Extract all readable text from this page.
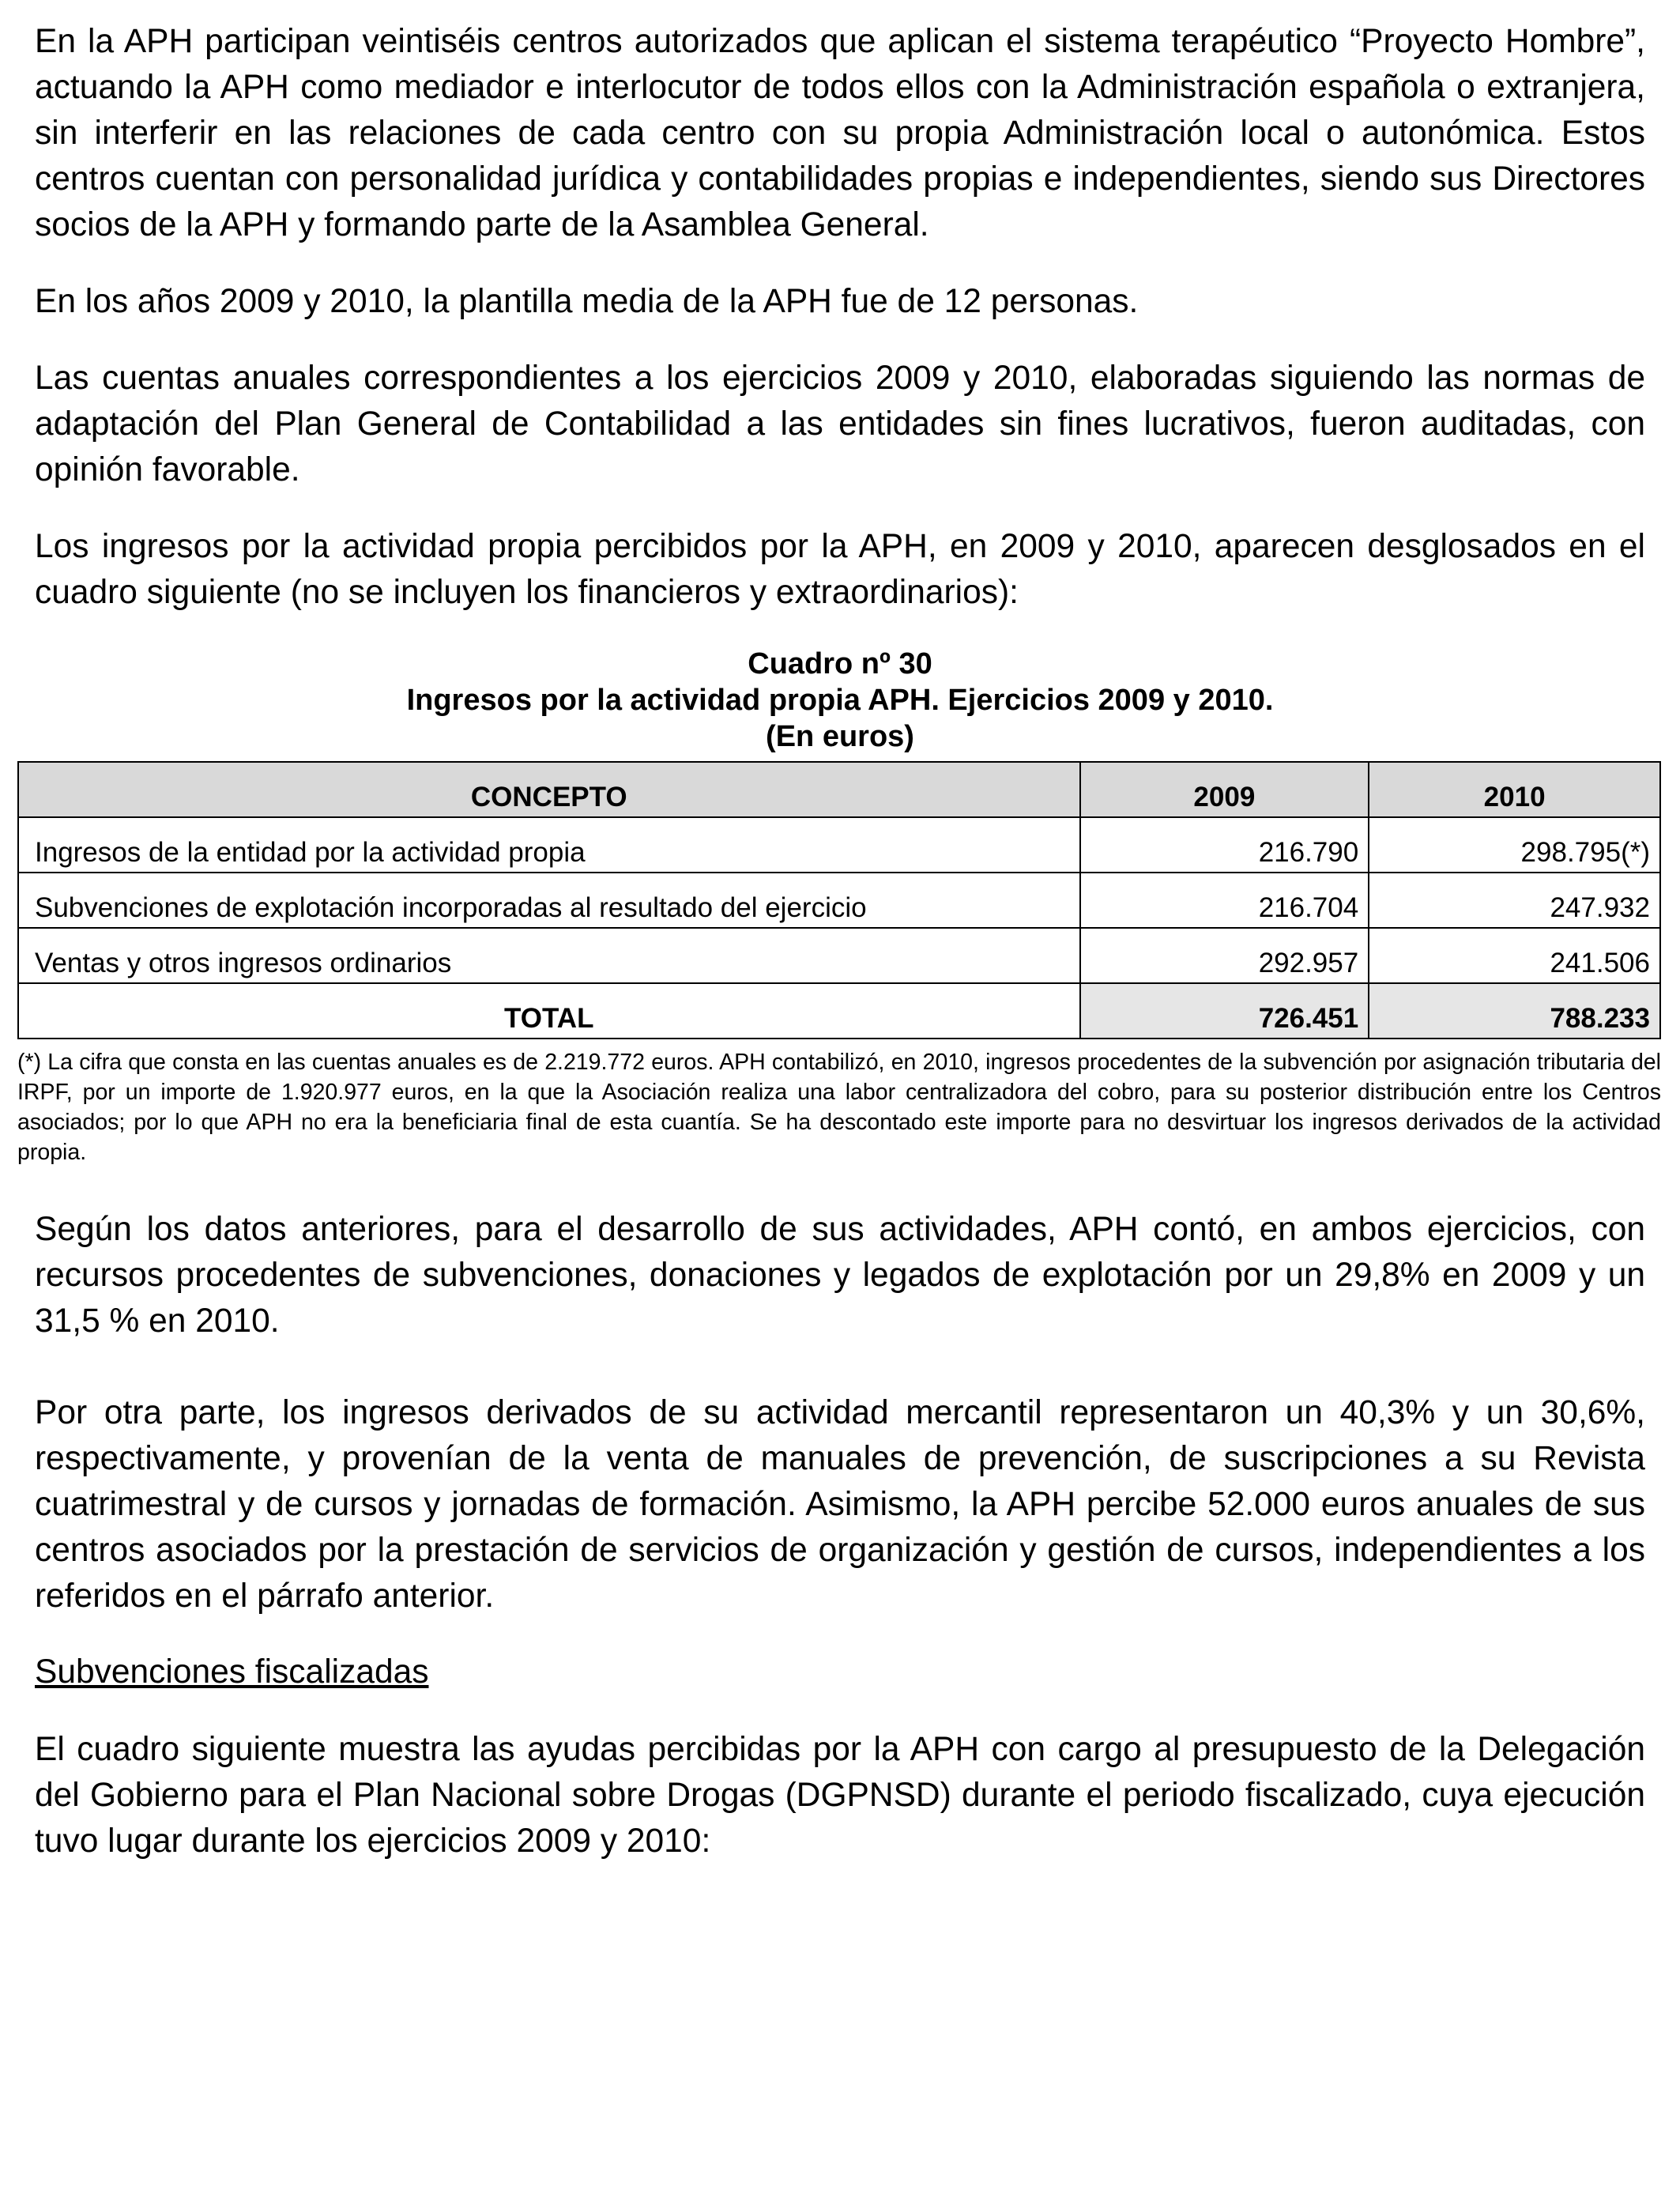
En la APH participan veintiséis centros autorizados que aplican el sistema terapéutico “Proyecto Hombre”, actuando la APH como mediador e interlocutor de todos ellos con la Administración española o extranjera, sin interferir en las relaciones de cada centro con su propia Administración local o autonómica. Estos centros cuentan con personalidad jurídica y contabilidades propias e independientes, siendo sus Directores socios de la APH y formando parte de la Asamblea General.

En los años 2009 y 2010, la plantilla media de la APH fue de 12 personas.

Las cuentas anuales correspondientes a los ejercicios 2009 y 2010, elaboradas siguiendo las normas de adaptación del Plan General de Contabilidad a las entidades sin fines lucrativos, fueron auditadas, con opinión favorable.

Los ingresos por la actividad propia percibidos por la APH, en 2009 y 2010, aparecen desglosados en el cuadro siguiente (no se incluyen los financieros y extraordinarios):

Cuadro nº 30
Ingresos por la actividad propia APH. Ejercicios 2009 y 2010.
(En euros)
CONCEPTO	2009	2010
Ingresos de la entidad por la actividad propia	216.790	298.795(*)
Subvenciones de explotación incorporadas al resultado del ejercicio	216.704	247.932
Ventas y otros ingresos ordinarios	292.957	241.506
TOTAL	726.451	788.233

(*) La cifra que consta en las cuentas anuales es de 2.219.772 euros. APH contabilizó, en 2010, ingresos procedentes de la subvención por asignación tributaria del IRPF, por un importe de 1.920.977 euros, en la que la Asociación realiza una labor centralizadora del cobro, para su posterior distribución entre los Centros asociados; por lo que APH no era la beneficiaria final de esta cuantía. Se ha descontado este importe para no desvirtuar los ingresos derivados de la actividad propia.

Según los datos anteriores, para el desarrollo de sus actividades, APH contó, en ambos ejercicios, con recursos procedentes de subvenciones, donaciones y legados de explotación por un 29,8% en 2009 y un 31,5 % en 2010.

Por otra parte, los ingresos derivados de su actividad mercantil representaron un 40,3% y un 30,6%, respectivamente, y provenían de la venta de manuales de prevención, de suscripciones a su Revista cuatrimestral y de cursos y jornadas de formación. Asimismo, la APH percibe 52.000 euros anuales de sus centros asociados por la prestación de servicios de organización y gestión de cursos, independientes a los referidos en el párrafo anterior.

Subvenciones fiscalizadas

El cuadro siguiente muestra las ayudas percibidas por la APH con cargo al presupuesto de la Delegación del Gobierno para el Plan Nacional sobre Drogas (DGPNSD) durante el periodo fiscalizado, cuya ejecución tuvo lugar durante los ejercicios 2009 y 2010:
